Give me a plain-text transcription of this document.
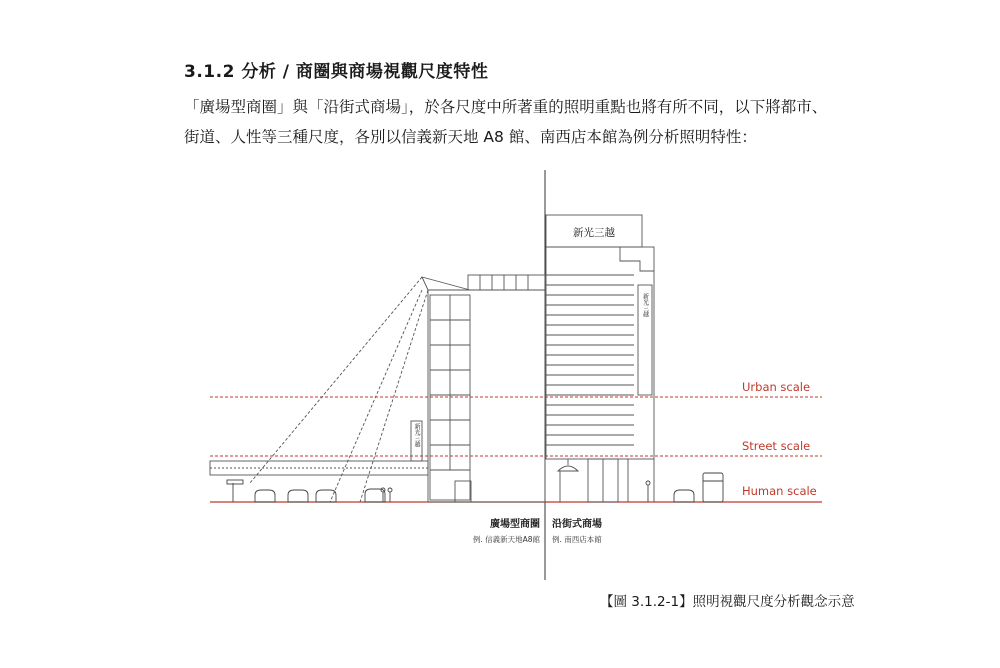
3.1.2 分析 / 商圈與商場視觀尺度特性

「廣場型商圈」與「沿街式商場」，於各尺度中所著重的照明重點也將有所不同，以下將都市、

街道、人性等三種尺度，各別以信義新天地 A8 館、南西店本館為例分析照明特性：

Urban scale
Street scale
Human scale
新光三越
新光三越
新光三越
廣場型商圈
例. 信義新天地A8館
沿街式商場
例. 南西店本館
【圖 3.1.2-1】照明視觀尺度分析觀念示意
